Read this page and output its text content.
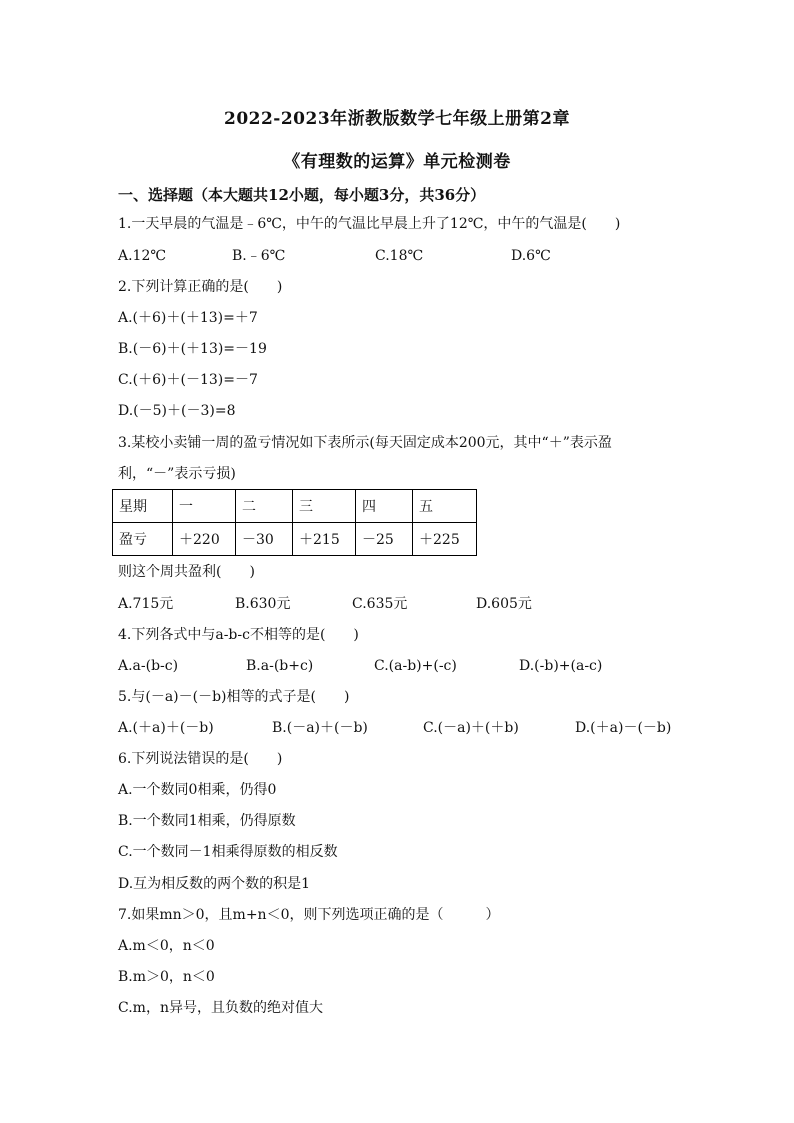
2022-2023年浙教版数学七年级上册第2章
《有理数的运算》单元检测卷
一、选择题（本大题共12小题，每小题3分，共36分）
1.一天早晨的气温是﹣6℃，中午的气温比早晨上升了12℃，中午的气温是(　　)
A.12℃	B.﹣6℃	C.18℃	D.6℃
2.下列计算正确的是(　　)
A.(＋6)＋(＋13)=＋7
B.(－6)＋(＋13)=－19
C.(＋6)＋(－13)=－7
D.(－5)＋(－3)=8
3.某校小卖铺一周的盈亏情况如下表所示(每天固定成本200元，其中“＋”表示盈
利，“－”表示亏损)
星期	一	二	三	四	五
盈亏	＋220	－30	＋215	－25	＋225
则这个周共盈利(　　)
A.715元	B.630元	C.635元	D.605元
4.下列各式中与a-b-c不相等的是(　　)
A.a-(b-c)	B.a-(b+c)	C.(a-b)+(-c)	D.(-b)+(a-c)
5.与(－a)－(－b)相等的式子是(　　)
A.(＋a)＋(－b)	B.(－a)＋(－b)	C.(－a)＋(＋b)	D.(＋a)－(－b)
6.下列说法错误的是(　　)
A.一个数同0相乘，仍得0
B.一个数同1相乘，仍得原数
C.一个数同－1相乘得原数的相反数
D.互为相反数的两个数的积是1
7.如果mn＞0，且m+n＜0，则下列选项正确的是（　　　）
A.m＜0，n＜0
B.m＞0，n＜0
C.m，n异号，且负数的绝对值大
